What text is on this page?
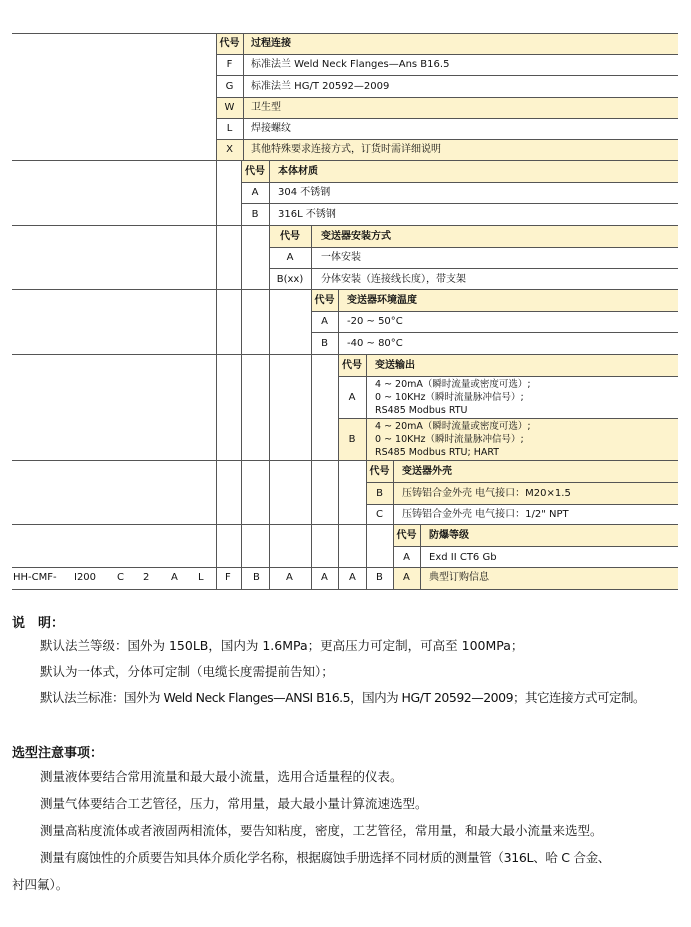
代号	过程连接
F	标准法兰 Weld Neck Flanges—Ans B16.5
G	标准法兰 HG/T 20592—2009
W	卫生型
L	焊接螺纹
X	其他特殊要求连接方式，订货时需详细说明
代号	本体材质
A	304 不锈钢
B	316L 不锈钢
代号	变送器安装方式
A	一体安装
B(xx)	分体安装（连接线长度），带支架
代号	变送器环境温度
A	-20 ~ 50°C
B	-40 ~ 80°C
代号	变送输出
A
4 ~ 20mA（瞬时流量或密度可选）;
0 ~ 10KHz（瞬时流量脉冲信号）;
RS485 Modbus RTU
B
4 ~ 20mA（瞬时流量或密度可选）;
0 ~ 10KHz（瞬时流量脉冲信号）;
RS485 Modbus RTU; HART
代号	变送器外壳
B	压铸铝合金外壳 电气接口：M20×1.5
C	压铸铝合金外壳 电气接口：1/2" NPT
代号	防爆等级
A	Exd II CT6 Gb
HH-CMF- I200 C 2 A L F B	A	A A B A 典型订购信息
说　明：
默认法兰等级：国外为 150LB，国内为 1.6MPa；更高压力可定制，可高至 100MPa；
默认为一体式，分体可定制（电缆长度需提前告知）；
默认法兰标准：国外为 Weld Neck Flanges—ANSI B16.5，国内为 HG/T 20592—2009；其它连接方式可定制。
选型注意事项：
测量液体要结合常用流量和最大最小流量，选用合适量程的仪表。
测量气体要结合工艺管径，压力，常用量，最大最小量计算流速选型。
测量高粘度流体或者液固两相流体，要告知粘度，密度，工艺管径，常用量，和最大最小流量来选型。
测量有腐蚀性的介质要告知具体介质化学名称，根据腐蚀手册选择不同材质的测量管（316L、哈 C 合金、
衬四氟）。
